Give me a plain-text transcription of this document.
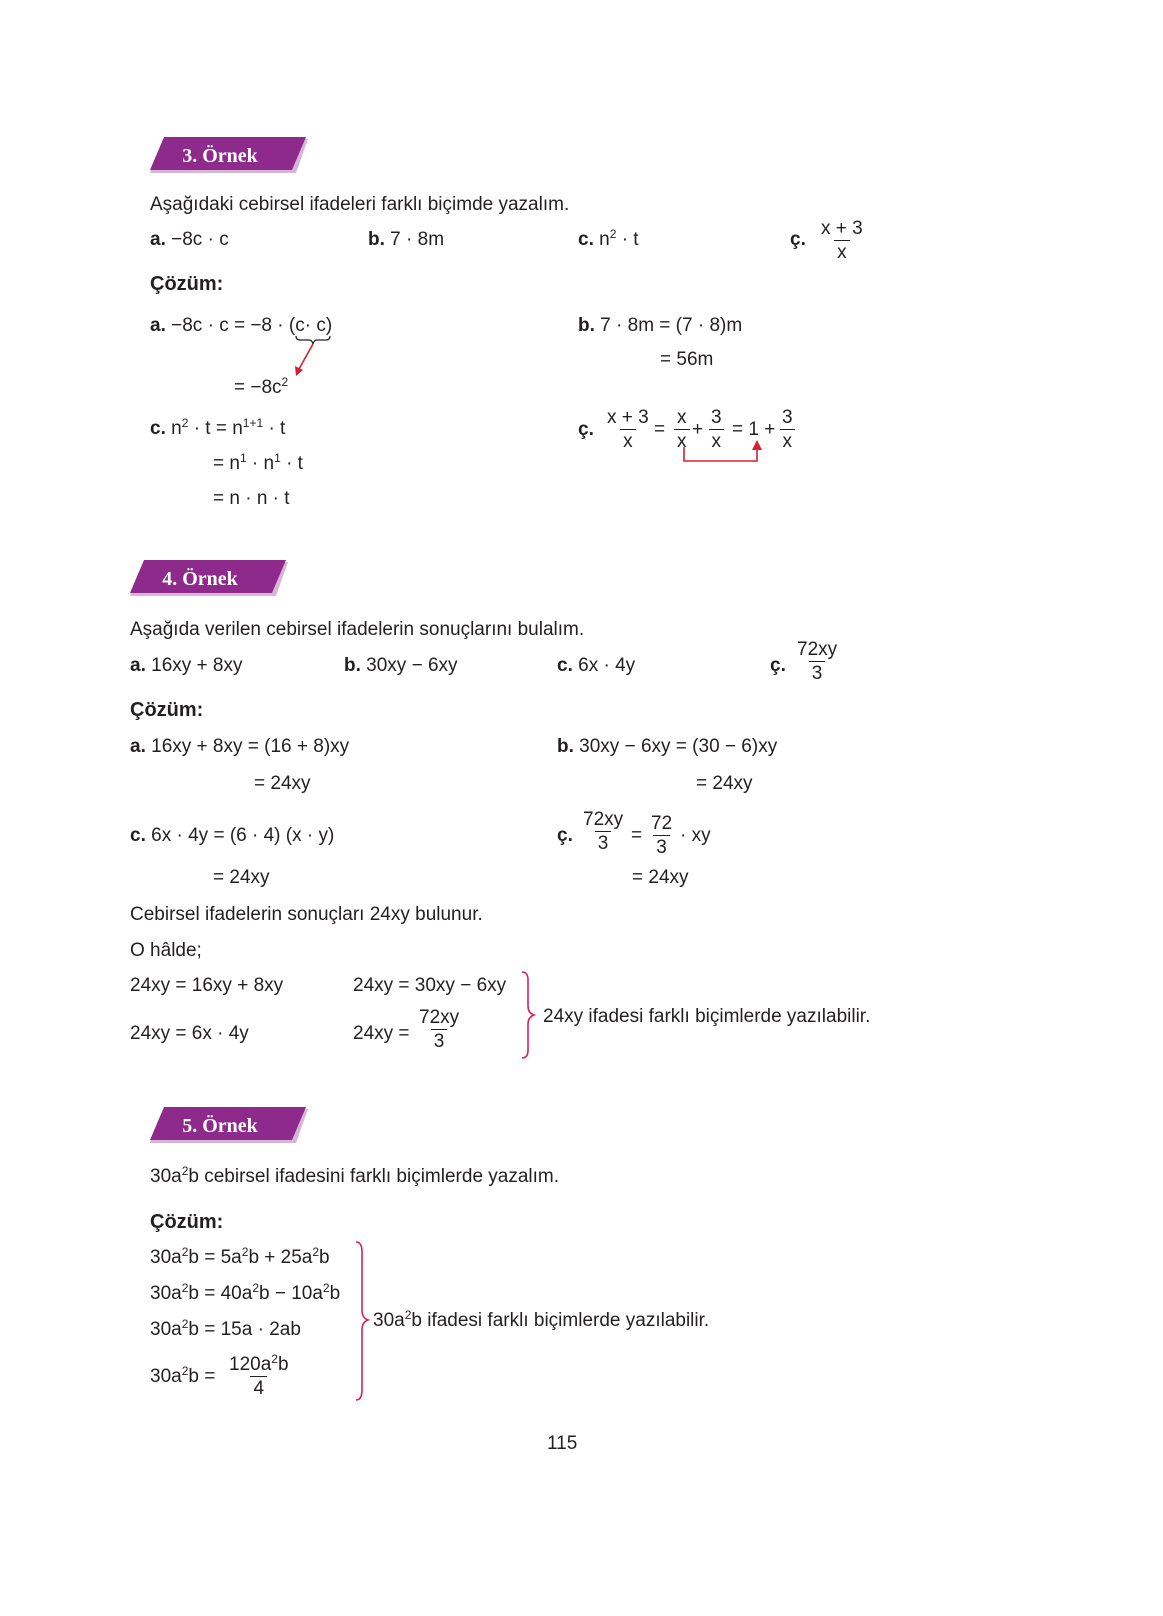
3. Örnek
Aşağıdaki cebirsel ifadeleri farklı biçimde yazalım.
a. −8c · c	b. 7 · 8m	c. $n^2 \cdot t$	ç. $\frac{x + 3}{x}$
Çözüm:
a. −8c · c = −8 · (c· c)
= $-8c^2$
b. 7 · 8m = (7 · 8)m
= 56m
c. $n^2 \cdot t = n^{1+1} \cdot t$
= $n^1 \cdot n^1 \cdot t$
= n · n · t
ç. $\frac{x + 3}{x} = \frac{x}{x} + \frac{3}{x} = 1 + \frac{3}{x}$
4. Örnek
Aşağıda verilen cebirsel ifadelerin sonuçlarını bulalım.
a. 16xy + 8xy	b. 30xy − 6xy	c. 6x · 4y	ç. $\frac{72xy}{3}$
Çözüm:
a. 16xy + 8xy = (16 + 8)xy
= 24xy
b. 30xy − 6xy = (30 − 6)xy
= 24xy
c. 6x · 4y = (6 · 4) (x · y)
= 24xy
ç. $\frac{72xy}{3} = \frac{72}{3}$ · xy
= 24xy
Cebirsel ifadelerin sonuçları 24xy bulunur.
O hâlde;
24xy = 16xy + 8xy	24xy = 30xy − 6xy
24xy = 6x · 4y	$24xy = \frac{72xy}{3}$	24xy ifadesi farklı biçimlerde yazılabilir.
5. Örnek
$30a^2b$ cebirsel ifadesini farklı biçimlerde yazalım.
Çözüm:
$30a^2b = 5a^2b + 25a^2b$
$30a^2b = 40a^2b - 10a^2b$
$30a^2b = 15a \cdot 2ab$
$30a^2b = \frac{120a^2b}{4}$
$30a^2b$ ifadesi farklı biçimlerde yazılabilir.
115
